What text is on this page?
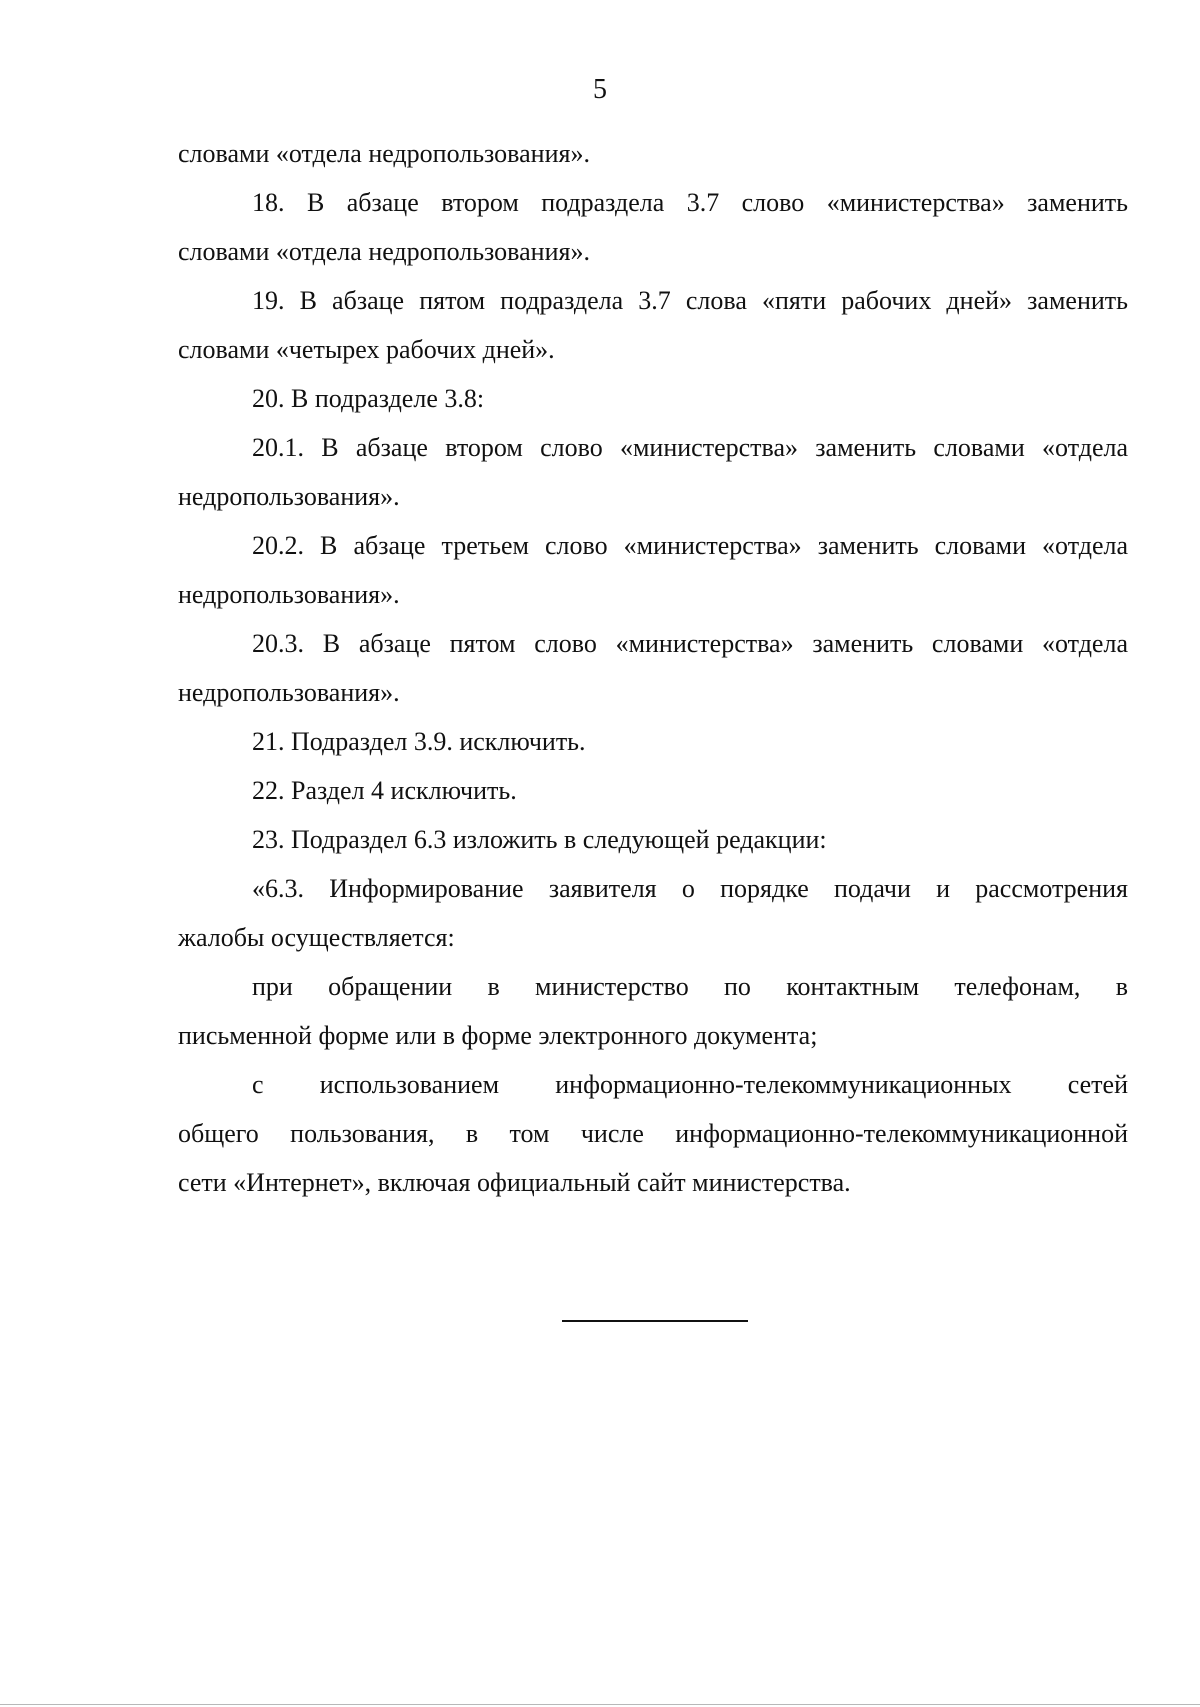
5

словами «отдела недропользования».

18. В абзаце втором подраздела 3.7 слово «министерства» заменить

словами «отдела недропользования».

19. В абзаце пятом подраздела 3.7 слова «пяти рабочих дней» заменить

словами «четырех рабочих дней».

20. В подразделе 3.8:

20.1. В абзаце втором слово «министерства» заменить словами «отдела

недропользования».

20.2. В абзаце третьем слово «министерства» заменить словами «отдела

недропользования».

20.3. В абзаце пятом слово «министерства» заменить словами «отдела

недропользования».

21. Подраздел 3.9. исключить.

22. Раздел 4 исключить.

23. Подраздел 6.3 изложить в следующей редакции:

«6.3. Информирование заявителя о порядке подачи и рассмотрения

жалобы осуществляется:

при обращении в министерство по контактным телефонам, в

письменной форме или в форме электронного документа;

с использованием информационно-телекоммуникационных сетей

общего пользования, в том числе информационно-телекоммуникационной

сети «Интернет», включая официальный сайт министерства.
